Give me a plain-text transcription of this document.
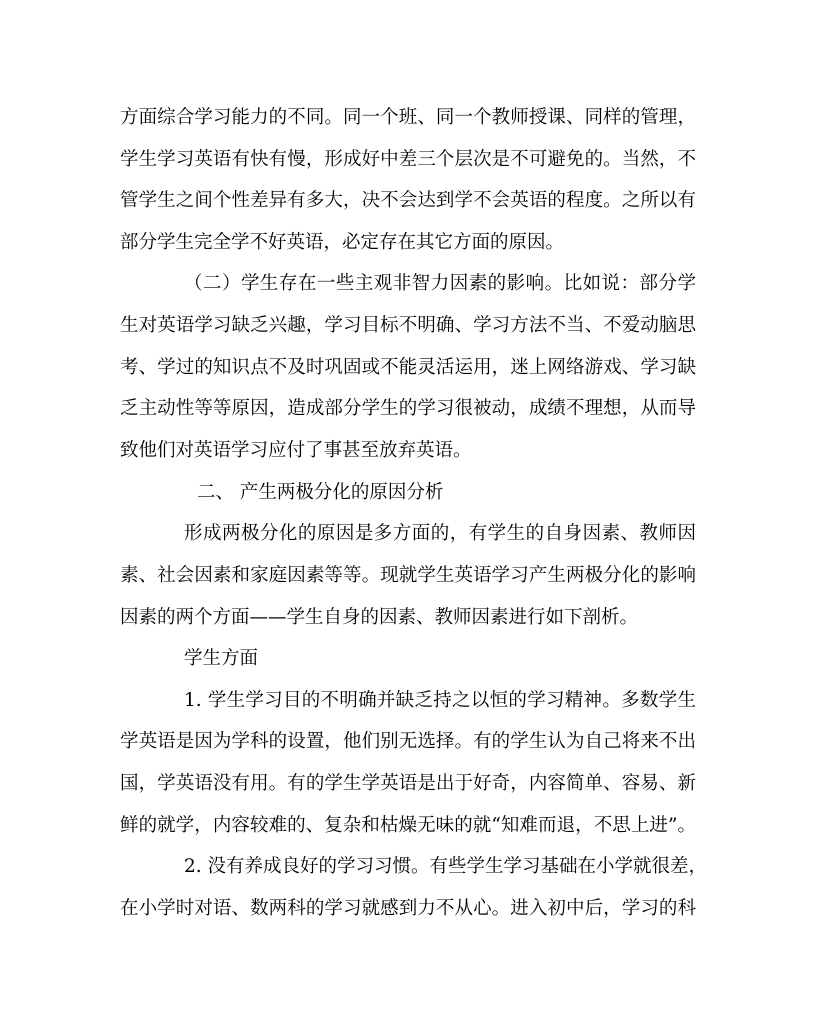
方面综合学习能力的不同。同一个班、同一个教师授课、同样的管理，
学生学习英语有快有慢，形成好中差三个层次是不可避免的。当然，不
管学生之间个性差异有多大，决不会达到学不会英语的程度。之所以有
部分学生完全学不好英语，必定存在其它方面的原因。
（二）学生存在一些主观非智力因素的影响。比如说：部分学
生对英语学习缺乏兴趣，学习目标不明确、学习方法不当、不爱动脑思
考、学过的知识点不及时巩固或不能灵活运用，迷上网络游戏、学习缺
乏主动性等等原因，造成部分学生的学习很被动，成绩不理想，从而导
致他们对英语学习应付了事甚至放弃英语。
二、 产生两极分化的原因分析
形成两极分化的原因是多方面的，有学生的自身因素、教师因
素、社会因素和家庭因素等等。现就学生英语学习产生两极分化的影响
因素的两个方面——学生自身的因素、教师因素进行如下剖析。
学生方面
1. 学生学习目的不明确并缺乏持之以恒的学习精神。多数学生
学英语是因为学科的设置，他们别无选择。有的学生认为自己将来不出
国，学英语没有用。有的学生学英语是出于好奇，内容简单、容易、新
鲜的就学，内容较难的、复杂和枯燥无味的就“知难而退，不思上进”。
2. 没有养成良好的学习习惯。有些学生学习基础在小学就很差，
在小学时对语、数两科的学习就感到力不从心。进入初中后，学习的科
